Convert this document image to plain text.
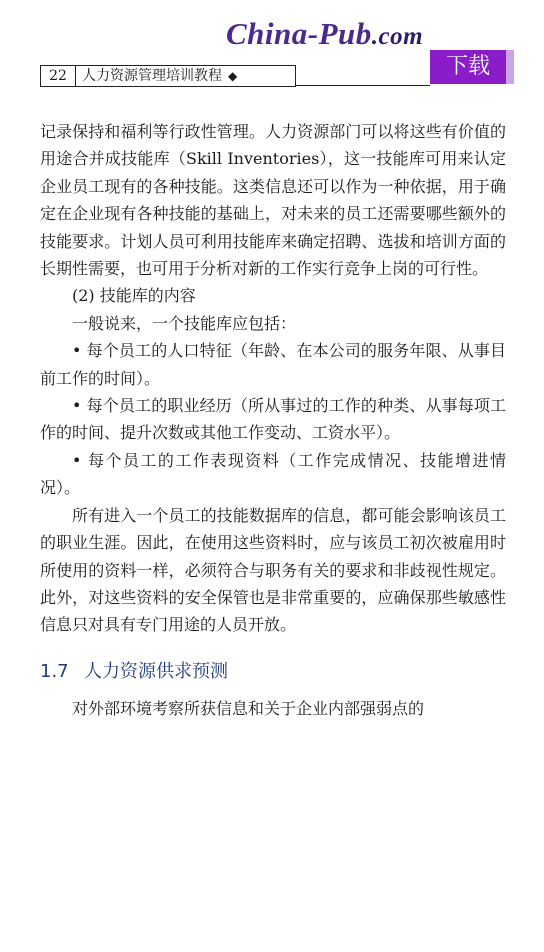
China-Pub.com
下载
22	人力资源管理培训教程 ◆

记录保持和福利等行政性管理。人力资源部门可以将这些有价值的用途合并成技能库（Skill Inventories），这一技能库可用来认定企业员工现有的各种技能。这类信息还可以作为一种依据，用于确定在企业现有各种技能的基础上，对未来的员工还需要哪些额外的技能要求。计划人员可利用技能库来确定招聘、选拔和培训方面的长期性需要，也可用于分析对新的工作实行竞争上岗的可行性。

(2) 技能库的内容

一般说来，一个技能库应包括：

• 每个员工的人口特征（年龄、在本公司的服务年限、从事目前工作的时间）。

• 每个员工的职业经历（所从事过的工作的种类、从事每项工作的时间、提升次数或其他工作变动、工资水平）。

• 每个员工的工作表现资料（工作完成情况、技能增进情况）。

所有进入一个员工的技能数据库的信息，都可能会影响该员工的职业生涯。因此，在使用这些资料时，应与该员工初次被雇用时所使用的资料一样，必须符合与职务有关的要求和非歧视性规定。此外，对这些资料的安全保管也是非常重要的，应确保那些敏感性信息只对具有专门用途的人员开放。

1.7 人力资源供求预测

对外部环境考察所获信息和关于企业内部强弱点的
